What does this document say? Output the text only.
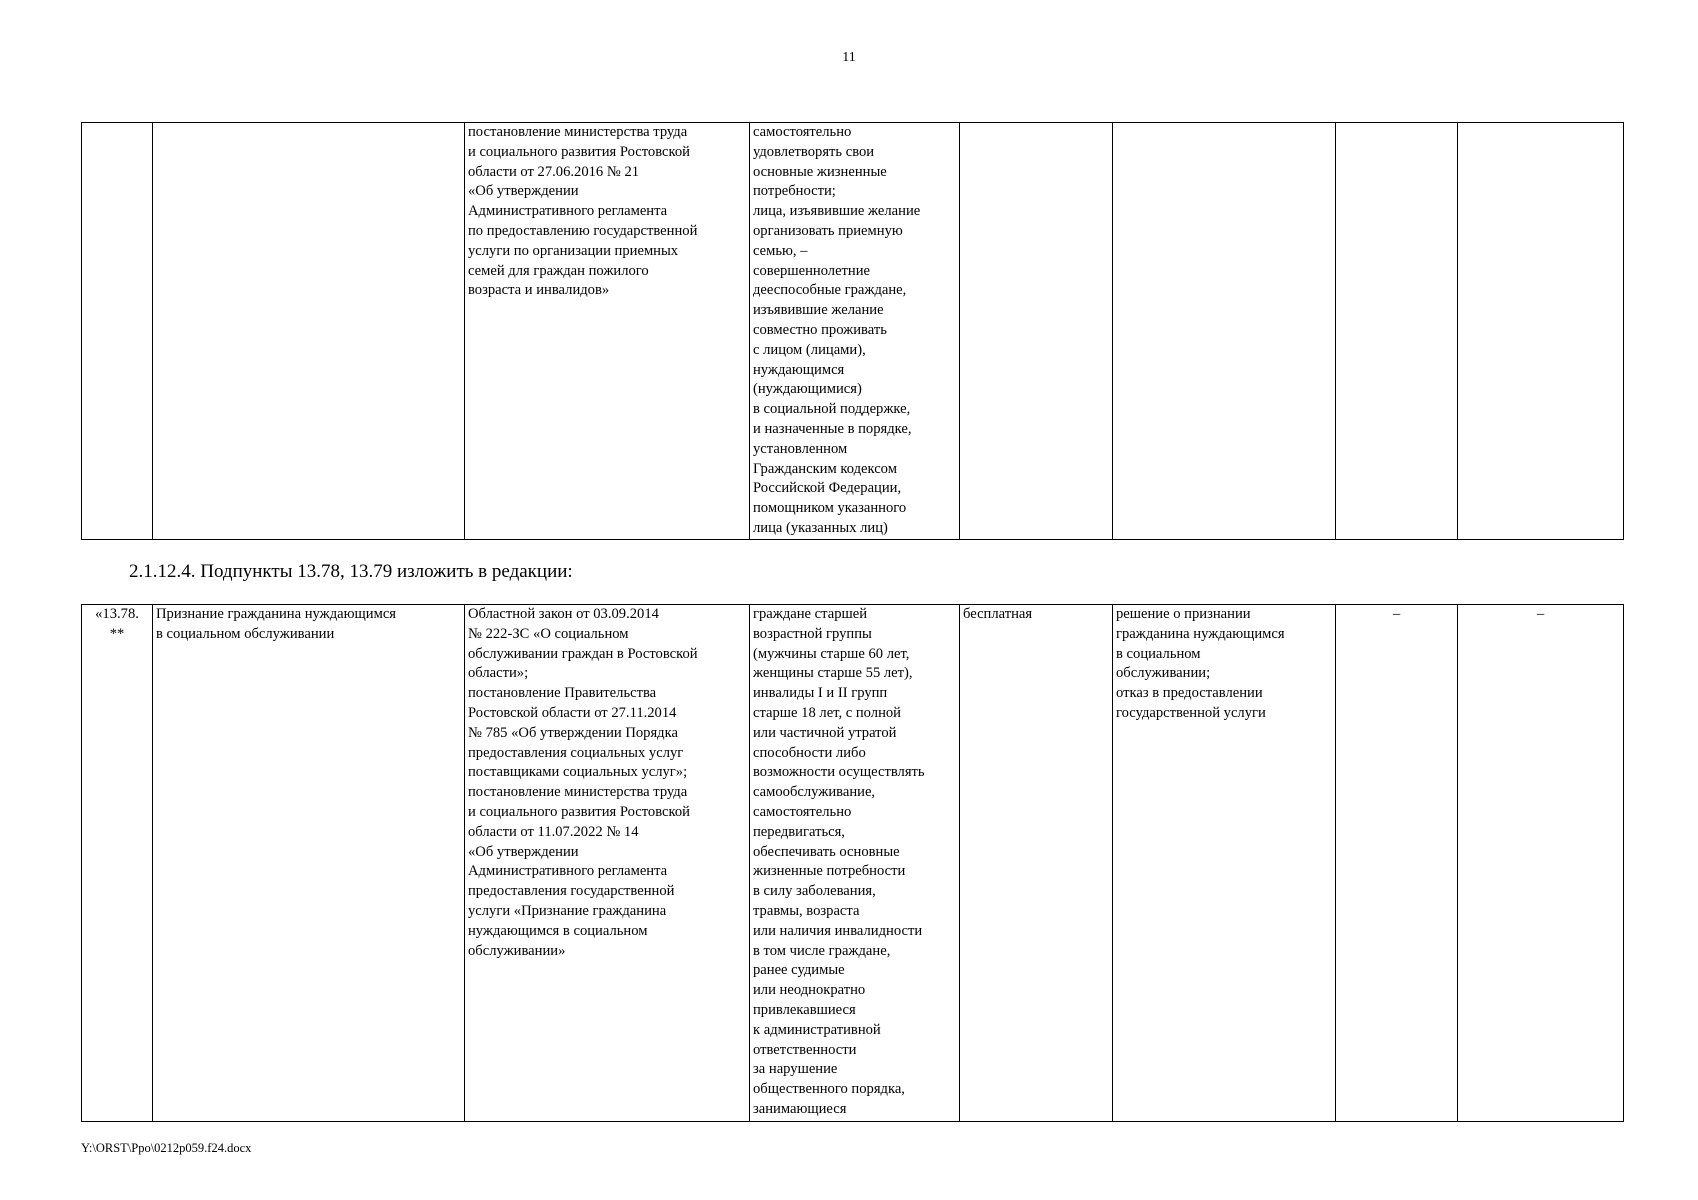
11
		постановление министерства труда
и социального развития Ростовской
области от 27.06.2016 № 21
«Об утверждении
Административного регламента
по предоставлению государственной
услуги по организации приемных
семей для граждан пожилого
возраста и инвалидов»	самостоятельно
удовлетворять свои
основные жизненные
потребности;
лица, изъявившие желание
организовать приемную
семью, –
совершеннолетние
дееспособные граждане,
изъявившие желание
совместно проживать
с лицом (лицами),
нуждающимся
(нуждающимися)
в социальной поддержке,
и назначенные в порядке,
установленном
Гражданским кодексом
Российской Федерации,
помощником указанного
лица (указанных лиц)				
2.1.12.4. Подпункты 13.78, 13.79 изложить в редакции:
«13.78.
**	Признание гражданина нуждающимся
в социальном обслуживании	Областной закон от 03.09.2014
№ 222-ЗС «О социальном
обслуживании граждан в Ростовской
области»;
постановление Правительства
Ростовской области от 27.11.2014
№ 785 «Об утверждении Порядка
предоставления социальных услуг
поставщиками социальных услуг»;
постановление министерства труда
и социального развития Ростовской
области от 11.07.2022 № 14
«Об утверждении
Административного регламента
предоставления государственной
услуги «Признание гражданина
нуждающимся в социальном
обслуживании»	граждане старшей
возрастной группы
(мужчины старше 60 лет,
женщины старше 55 лет),
инвалиды I и II групп
старше 18 лет, с полной
или частичной утратой
способности либо
возможности осуществлять
самообслуживание,
самостоятельно
передвигаться,
обеспечивать основные
жизненные потребности
в силу заболевания,
травмы, возраста
или наличия инвалидности
в том числе граждане,
ранее судимые
или неоднократно
привлекавшиеся
к административной
ответственности
за нарушение
общественного порядка,
занимающиеся	бесплатная	решение о признании
гражданина нуждающимся
в социальном
обслуживании;
отказ в предоставлении
государственной услуги	–	–
Y:\ORST\Ppo\0212p059.f24.docx
